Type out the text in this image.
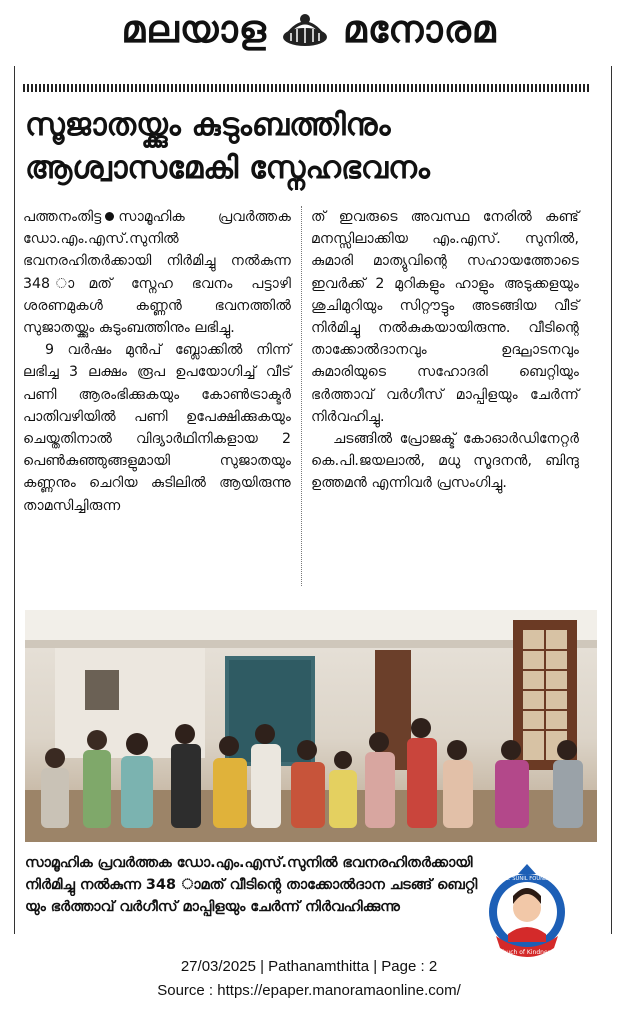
മലയാള മനോരമ
സൂജാതയ്ക്കും കുടുംബത്തിനും
ആശ്വാസമേകി സ്നേഹഭവനം

പത്തനംതിട്ട സാമൂഹിക പ്രവർത്തക ഡോ.എം.എസ്.സുനിൽ ഭവനരഹിതർക്കായി നിർമിച്ചു നൽകുന്ന 348 ാമത് സ്നേഹ ഭവനം പട്ടാഴി ശരണമുകൾ കണ്ണൻ ഭവനത്തിൽ സുജാതയ്ക്കും കുടുംബത്തിനും ലഭിച്ചു.

9 വർഷം മുൻപ് ബ്ലോക്കിൽ നിന്ന് ലഭിച്ച 3 ലക്ഷം രൂപ ഉപയോഗിച്ച് വീട് പണി ആരംഭിക്കുകയും കോൺട്രാക്ടർ പാതിവഴിയിൽ പണി ഉപേക്ഷിക്കുകയും ചെയ്തതിനാൽ വിദ്യാർഥിനികളായ 2 പെൺകുഞ്ഞുങ്ങളുമായി സുജാതയും കണ്ണനും ചെറിയ കുടിലിൽ ആയിരുന്നു താമസിച്ചിരുന്ന

ത് ഇവരുടെ അവസ്ഥ നേരിൽ കണ്ട് മനസ്സിലാക്കിയ എം.എസ്. സുനിൽ, കുമാരി മാത്യുവിന്റെ സഹായത്തോടെ ഇവർക്ക് 2 മുറികളും ഹാളും അടുക്കളയും ശുചിമുറിയും സിറ്റൗട്ടും അടങ്ങിയ വീട് നിർമിച്ചു നൽകുകയായിരുന്നു. വീടിന്റെ താക്കോൽദാനവും ഉദ്ഘാടനവും കുമാരിയുടെ സഹോദരി ബെറ്റിയും ഭർത്താവ് വർഗീസ് മാപ്പിളയും ചേർന്ന് നിർവഹിച്ചു.

ചടങ്ങിൽ പ്രോജക്ട് കോഓർഡിനേറ്റർ കെ.പി.ജയലാൽ, മധു സൂദനൻ, ബിന്ദു ഉത്തമൻ എന്നിവർ പ്രസംഗിച്ചു.

സാമൂഹിക പ്രവർത്തക ഡോ.എം.എസ്.സുനിൽ ഭവനരഹിതർക്കായി
നിർമിച്ചു നൽകുന്ന 348 ാമത് വീടിന്റെ താക്കോൽദാന ചടങ്ങ് ബെറ്റി
യും ഭർത്താവ് വർഗീസ് മാപ്പിളയും ചേർന്ന് നിർവഹിക്കുന്നു
Touch of Kindness
DR M.S. SUNIL FOUNDATION
27/03/2025 | Pathanamthitta | Page : 2
Source : https://epaper.manoramaonline.com/
